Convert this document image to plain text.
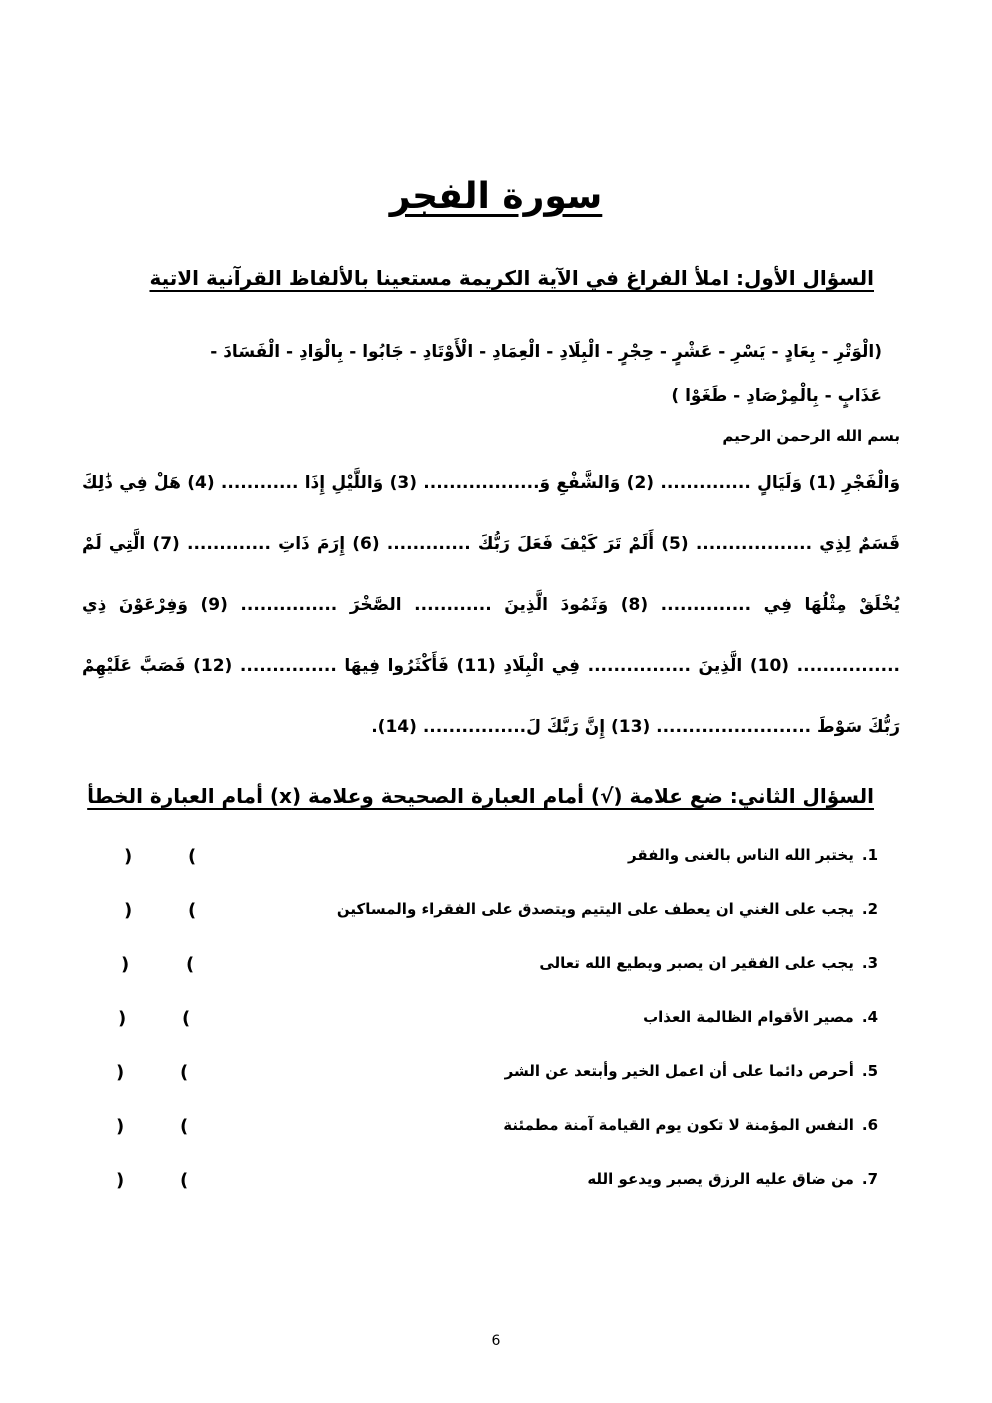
سورة الفجر
السؤال الأول: املأ الفراغ في الآية الكريمة مستعينا بالألفاظ القرآنية الاتية
(الْوَتْرِ - بِعَادٍ - يَسْرِ - عَشْرٍ - حِجْرٍ - الْبِلَادِ - الْعِمَادِ - الْأَوْتَادِ - جَابُوا - بِالْوَادِ - الْفَسَادَ -
عَذَابٍ - بِالْمِرْصَادِ - طَغَوْا )
بسم الله الرحمن الرحيم
وَالْفَجْرِ (1) وَلَيَالٍ .............. (2) وَالشَّفْعِ وَ.................. (3) وَاللَّيْلِ إِذَا ............ (4) هَلْ فِي ذَٰلِكَ
قَسَمٌ لِذِي .................. (5) أَلَمْ تَرَ كَيْفَ فَعَلَ رَبُّكَ ............. (6) إِرَمَ ذَاتِ ............. (7) الَّتِي لَمْ
يُخْلَقْ مِثْلُهَا فِي .............. (8) وَثَمُودَ الَّذِينَ ............ الصَّخْرَ ............... (9) وَفِرْعَوْنَ ذِي
................ (10) الَّذِينَ ................ فِي الْبِلَادِ (11) فَأَكْثَرُوا فِيهَا ............... (12) فَصَبَّ عَلَيْهِمْ
رَبُّكَ سَوْطَ ........................ (13) إِنَّ رَبَّكَ لَ................ (14).
السؤال الثاني: ضع علامة (√) أمام العبارة الصحيحة وعلامة (x) أمام العبارة الخطأ
1.يختبر الله الناس بالغنى والفقر
(
)
2.يجب على الغني ان يعطف على اليتيم ويتصدق على الفقراء والمساكين
(
)
3.يجب على الفقير ان يصبر ويطيع الله تعالى
(
)
4.مصير الأقوام الظالمة العذاب
(
)
5.أحرص دائما على أن اعمل الخير وأبتعد عن الشر
(
)
6.النفس المؤمنة لا تكون يوم القيامة آمنة مطمئنة
(
)
7.من ضاق عليه الرزق يصبر ويدعو الله
(
)
6
